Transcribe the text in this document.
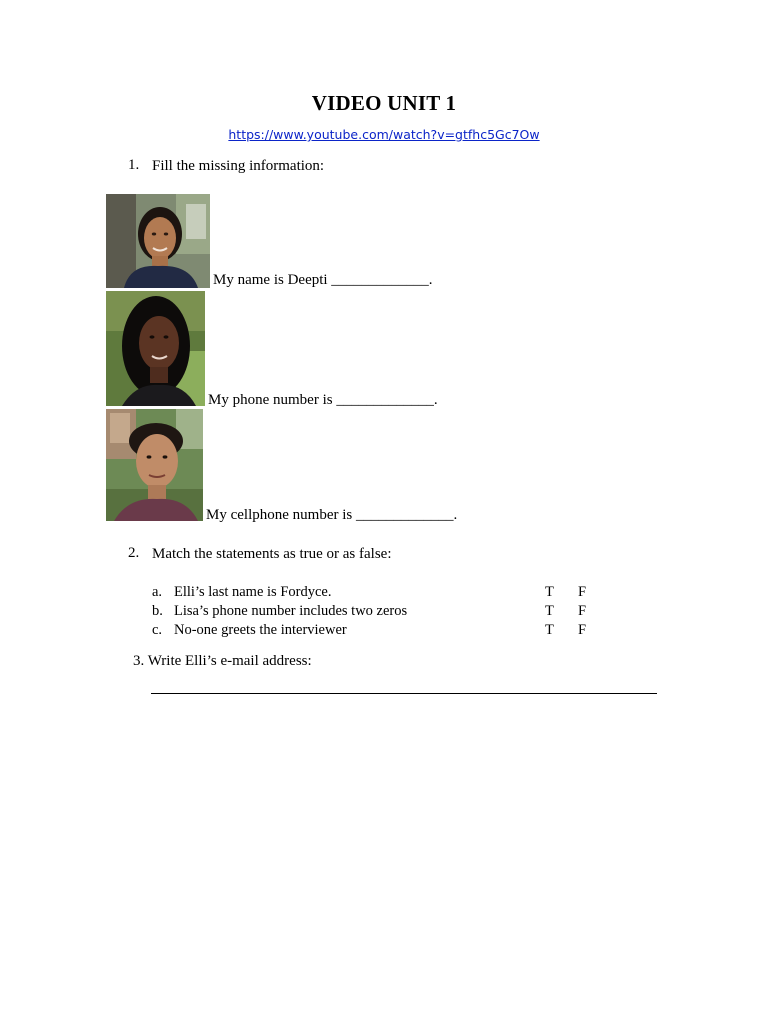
VIDEO UNIT 1
https://www.youtube.com/watch?v=gtfhc5Gc7Ow
1. Fill the missing information:
My name is Deepti _____________.
My phone number is _____________.
My cellphone number is _____________.
2. Match the statements as true or as false:
a. Elli’s last name is Fordyce.	T F
b. Lisa’s phone number includes two zeros	T F
c. No-one greets the interviewer	T F
3. Write Elli’s e-mail address:
